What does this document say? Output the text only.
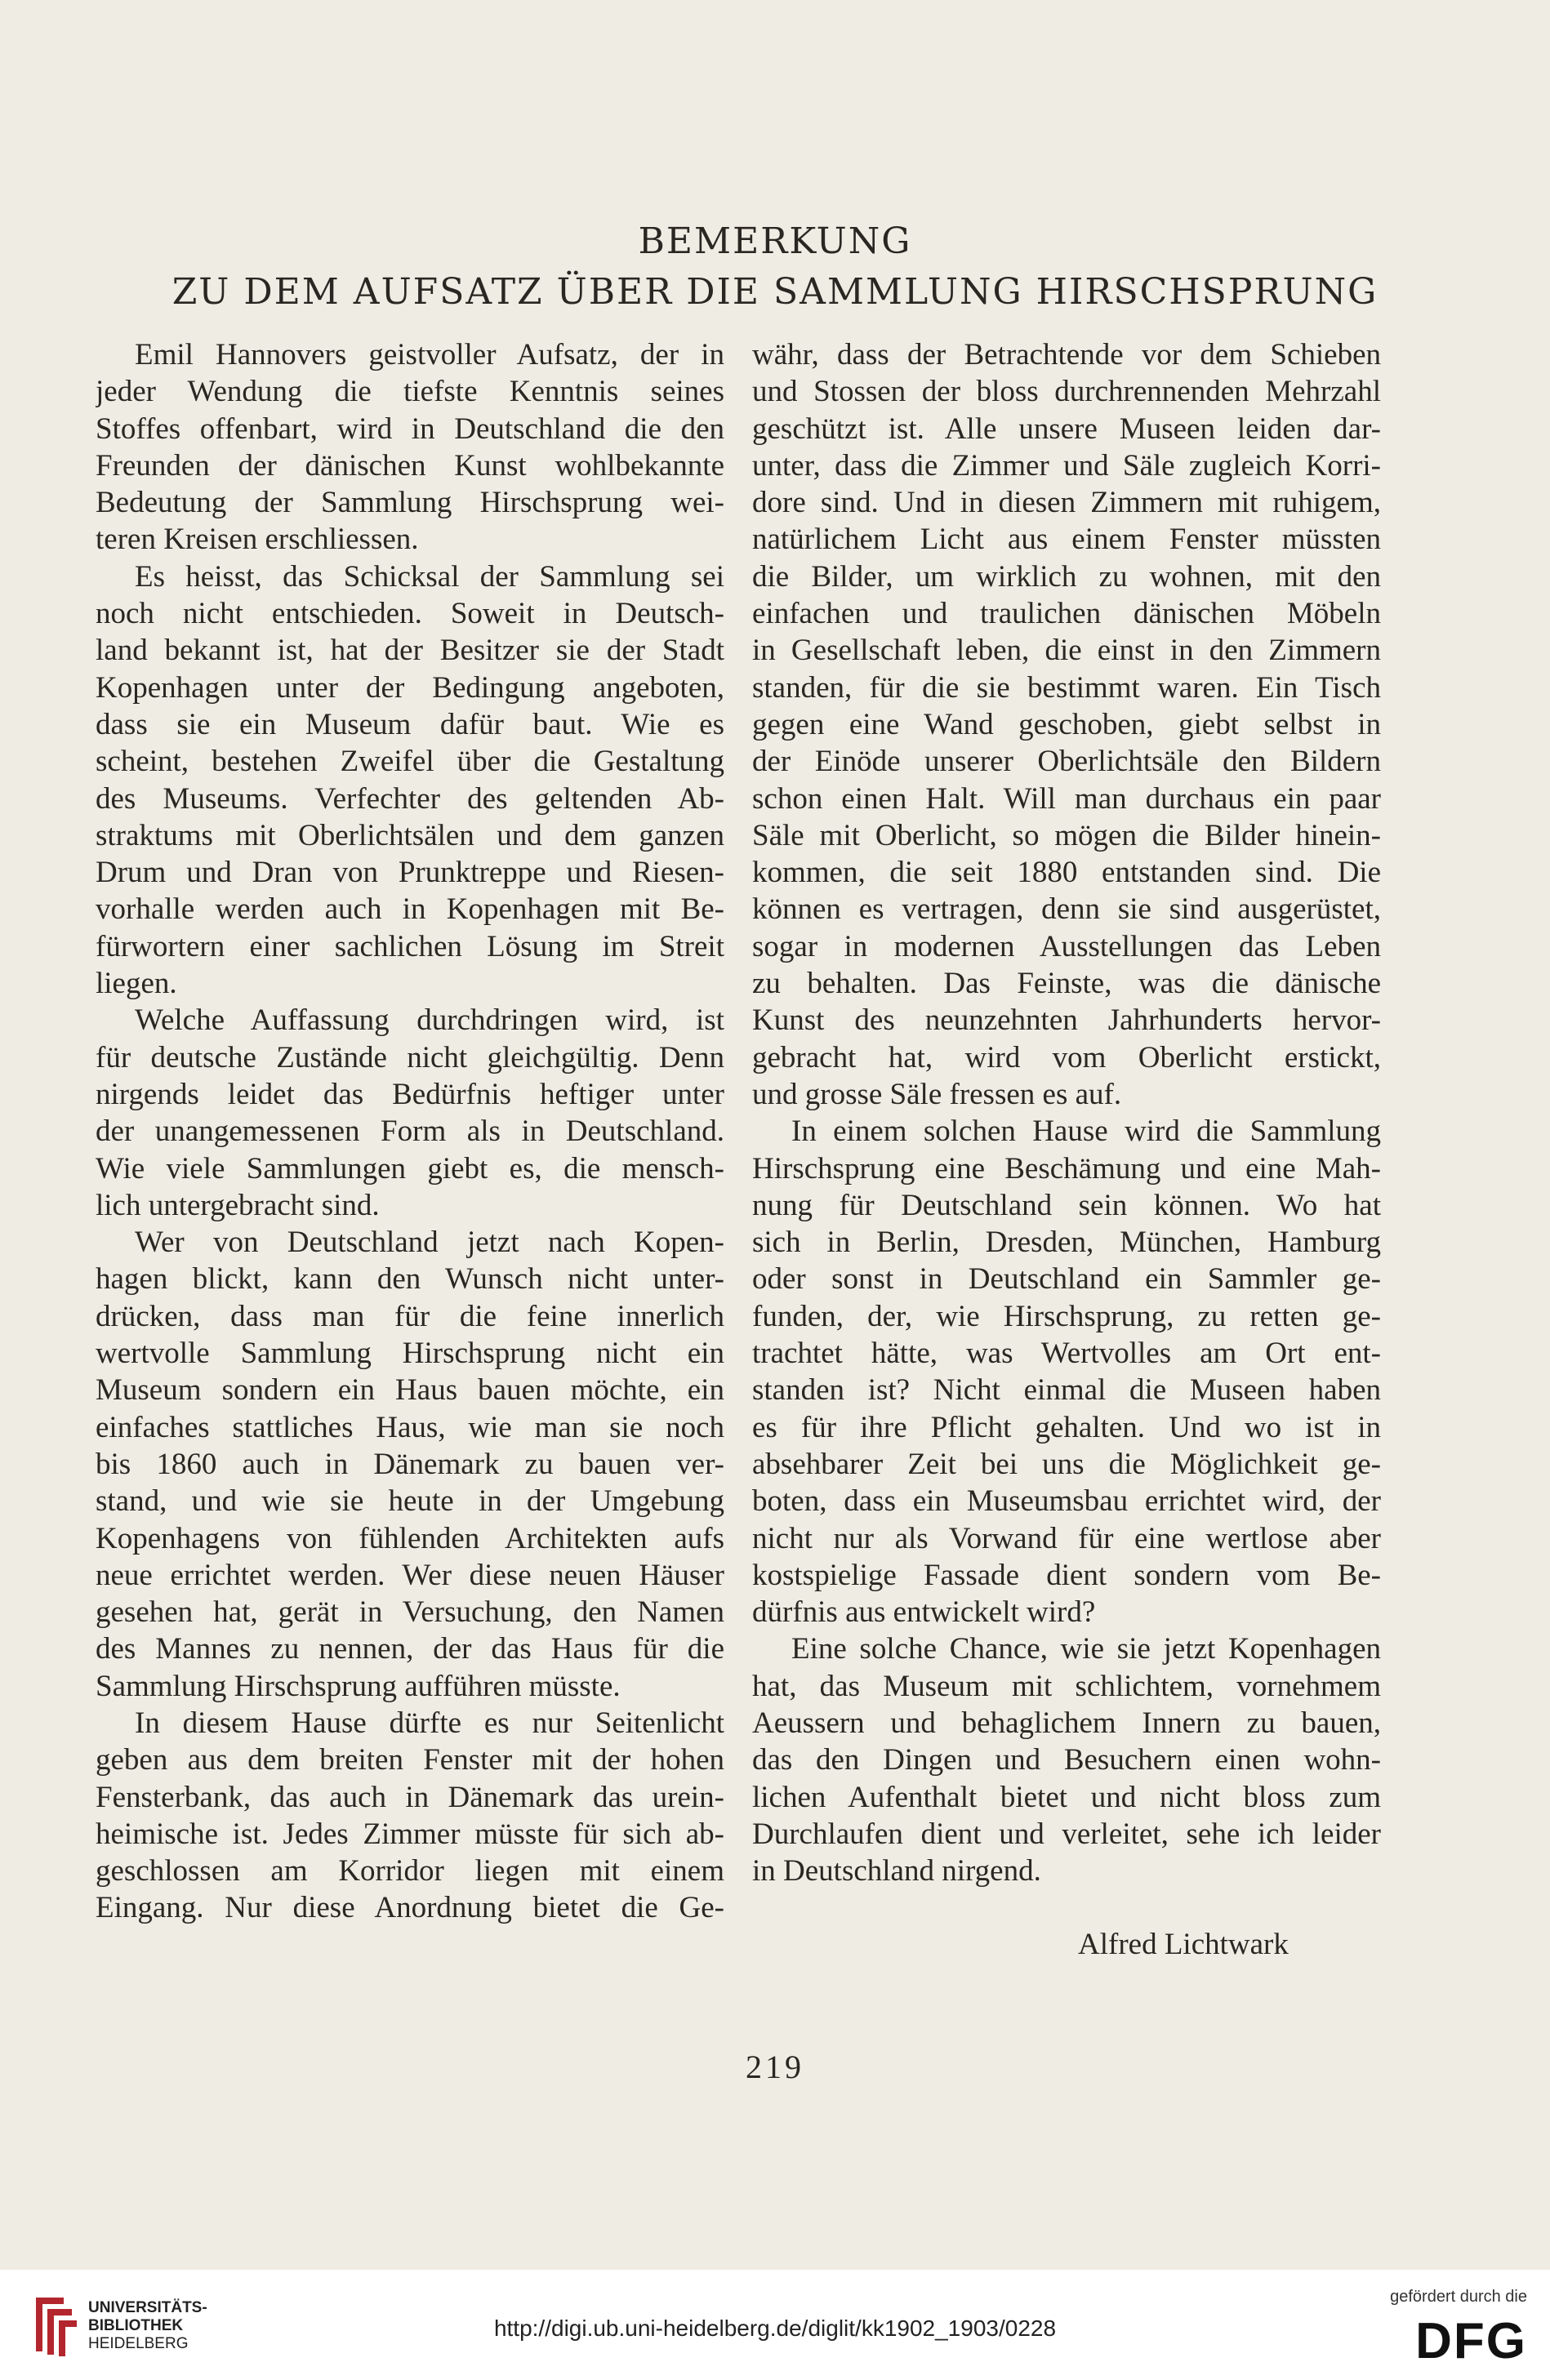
BEMERKUNG
ZU DEM AUFSATZ ÜBER DIE SAMMLUNG HIRSCHSPRUNG
Emil Hannovers geistvoller Aufsatz, der in
jeder Wendung die tiefste Kenntnis seines
Stoffes offenbart, wird in Deutschland die den
Freunden der dänischen Kunst wohlbekannte
Bedeutung der Sammlung Hirschsprung wei-
teren Kreisen erschliessen.
Es heisst, das Schicksal der Sammlung sei
noch nicht entschieden. Soweit in Deutsch-
land bekannt ist, hat der Besitzer sie der Stadt
Kopenhagen unter der Bedingung angeboten,
dass sie ein Museum dafür baut. Wie es
scheint, bestehen Zweifel über die Gestaltung
des Museums. Verfechter des geltenden Ab-
straktums mit Oberlichtsälen und dem ganzen
Drum und Dran von Prunktreppe und Riesen-
vorhalle werden auch in Kopenhagen mit Be-
fürwortern einer sachlichen Lösung im Streit
liegen.
Welche Auffassung durchdringen wird, ist
für deutsche Zustände nicht gleichgültig. Denn
nirgends leidet das Bedürfnis heftiger unter
der unangemessenen Form als in Deutschland.
Wie viele Sammlungen giebt es, die mensch-
lich untergebracht sind.
Wer von Deutschland jetzt nach Kopen-
hagen blickt, kann den Wunsch nicht unter-
drücken, dass man für die feine innerlich
wertvolle Sammlung Hirschsprung nicht ein
Museum sondern ein Haus bauen möchte, ein
einfaches stattliches Haus, wie man sie noch
bis 1860 auch in Dänemark zu bauen ver-
stand, und wie sie heute in der Umgebung
Kopenhagens von fühlenden Architekten aufs
neue errichtet werden. Wer diese neuen Häuser
gesehen hat, gerät in Versuchung, den Namen
des Mannes zu nennen, der das Haus für die
Sammlung Hirschsprung aufführen müsste.
In diesem Hause dürfte es nur Seitenlicht
geben aus dem breiten Fenster mit der hohen
Fensterbank, das auch in Dänemark das urein-
heimische ist. Jedes Zimmer müsste für sich ab-
geschlossen am Korridor liegen mit einem
Eingang. Nur diese Anordnung bietet die Ge-
währ, dass der Betrachtende vor dem Schieben
und Stossen der bloss durchrennenden Mehrzahl
geschützt ist. Alle unsere Museen leiden dar-
unter, dass die Zimmer und Säle zugleich Korri-
dore sind. Und in diesen Zimmern mit ruhigem,
natürlichem Licht aus einem Fenster müssten
die Bilder, um wirklich zu wohnen, mit den
einfachen und traulichen dänischen Möbeln
in Gesellschaft leben, die einst in den Zimmern
standen, für die sie bestimmt waren. Ein Tisch
gegen eine Wand geschoben, giebt selbst in
der Einöde unserer Oberlichtsäle den Bildern
schon einen Halt. Will man durchaus ein paar
Säle mit Oberlicht, so mögen die Bilder hinein-
kommen, die seit 1880 entstanden sind. Die
können es vertragen, denn sie sind ausgerüstet,
sogar in modernen Ausstellungen das Leben
zu behalten. Das Feinste, was die dänische
Kunst des neunzehnten Jahrhunderts hervor-
gebracht hat, wird vom Oberlicht erstickt,
und grosse Säle fressen es auf.
In einem solchen Hause wird die Sammlung
Hirschsprung eine Beschämung und eine Mah-
nung für Deutschland sein können. Wo hat
sich in Berlin, Dresden, München, Hamburg
oder sonst in Deutschland ein Sammler ge-
funden, der, wie Hirschsprung, zu retten ge-
trachtet hätte, was Wertvolles am Ort ent-
standen ist? Nicht einmal die Museen haben
es für ihre Pflicht gehalten. Und wo ist in
absehbarer Zeit bei uns die Möglichkeit ge-
boten, dass ein Museumsbau errichtet wird, der
nicht nur als Vorwand für eine wertlose aber
kostspielige Fassade dient sondern vom Be-
dürfnis aus entwickelt wird?
Eine solche Chance, wie sie jetzt Kopenhagen
hat, das Museum mit schlichtem, vornehmem
Aeussern und behaglichem Innern zu bauen,
das den Dingen und Besuchern einen wohn-
lichen Aufenthalt bietet und nicht bloss zum
Durchlaufen dient und verleitet, sehe ich leider
in Deutschland nirgend.
Alfred Lichtwark
219
UNIVERSITÄTS-
BIBLIOTHEK
HEIDELBERG
http://digi.ub.uni-heidelberg.de/diglit/kk1902_1903/0228
gefördert durch die
DFG
